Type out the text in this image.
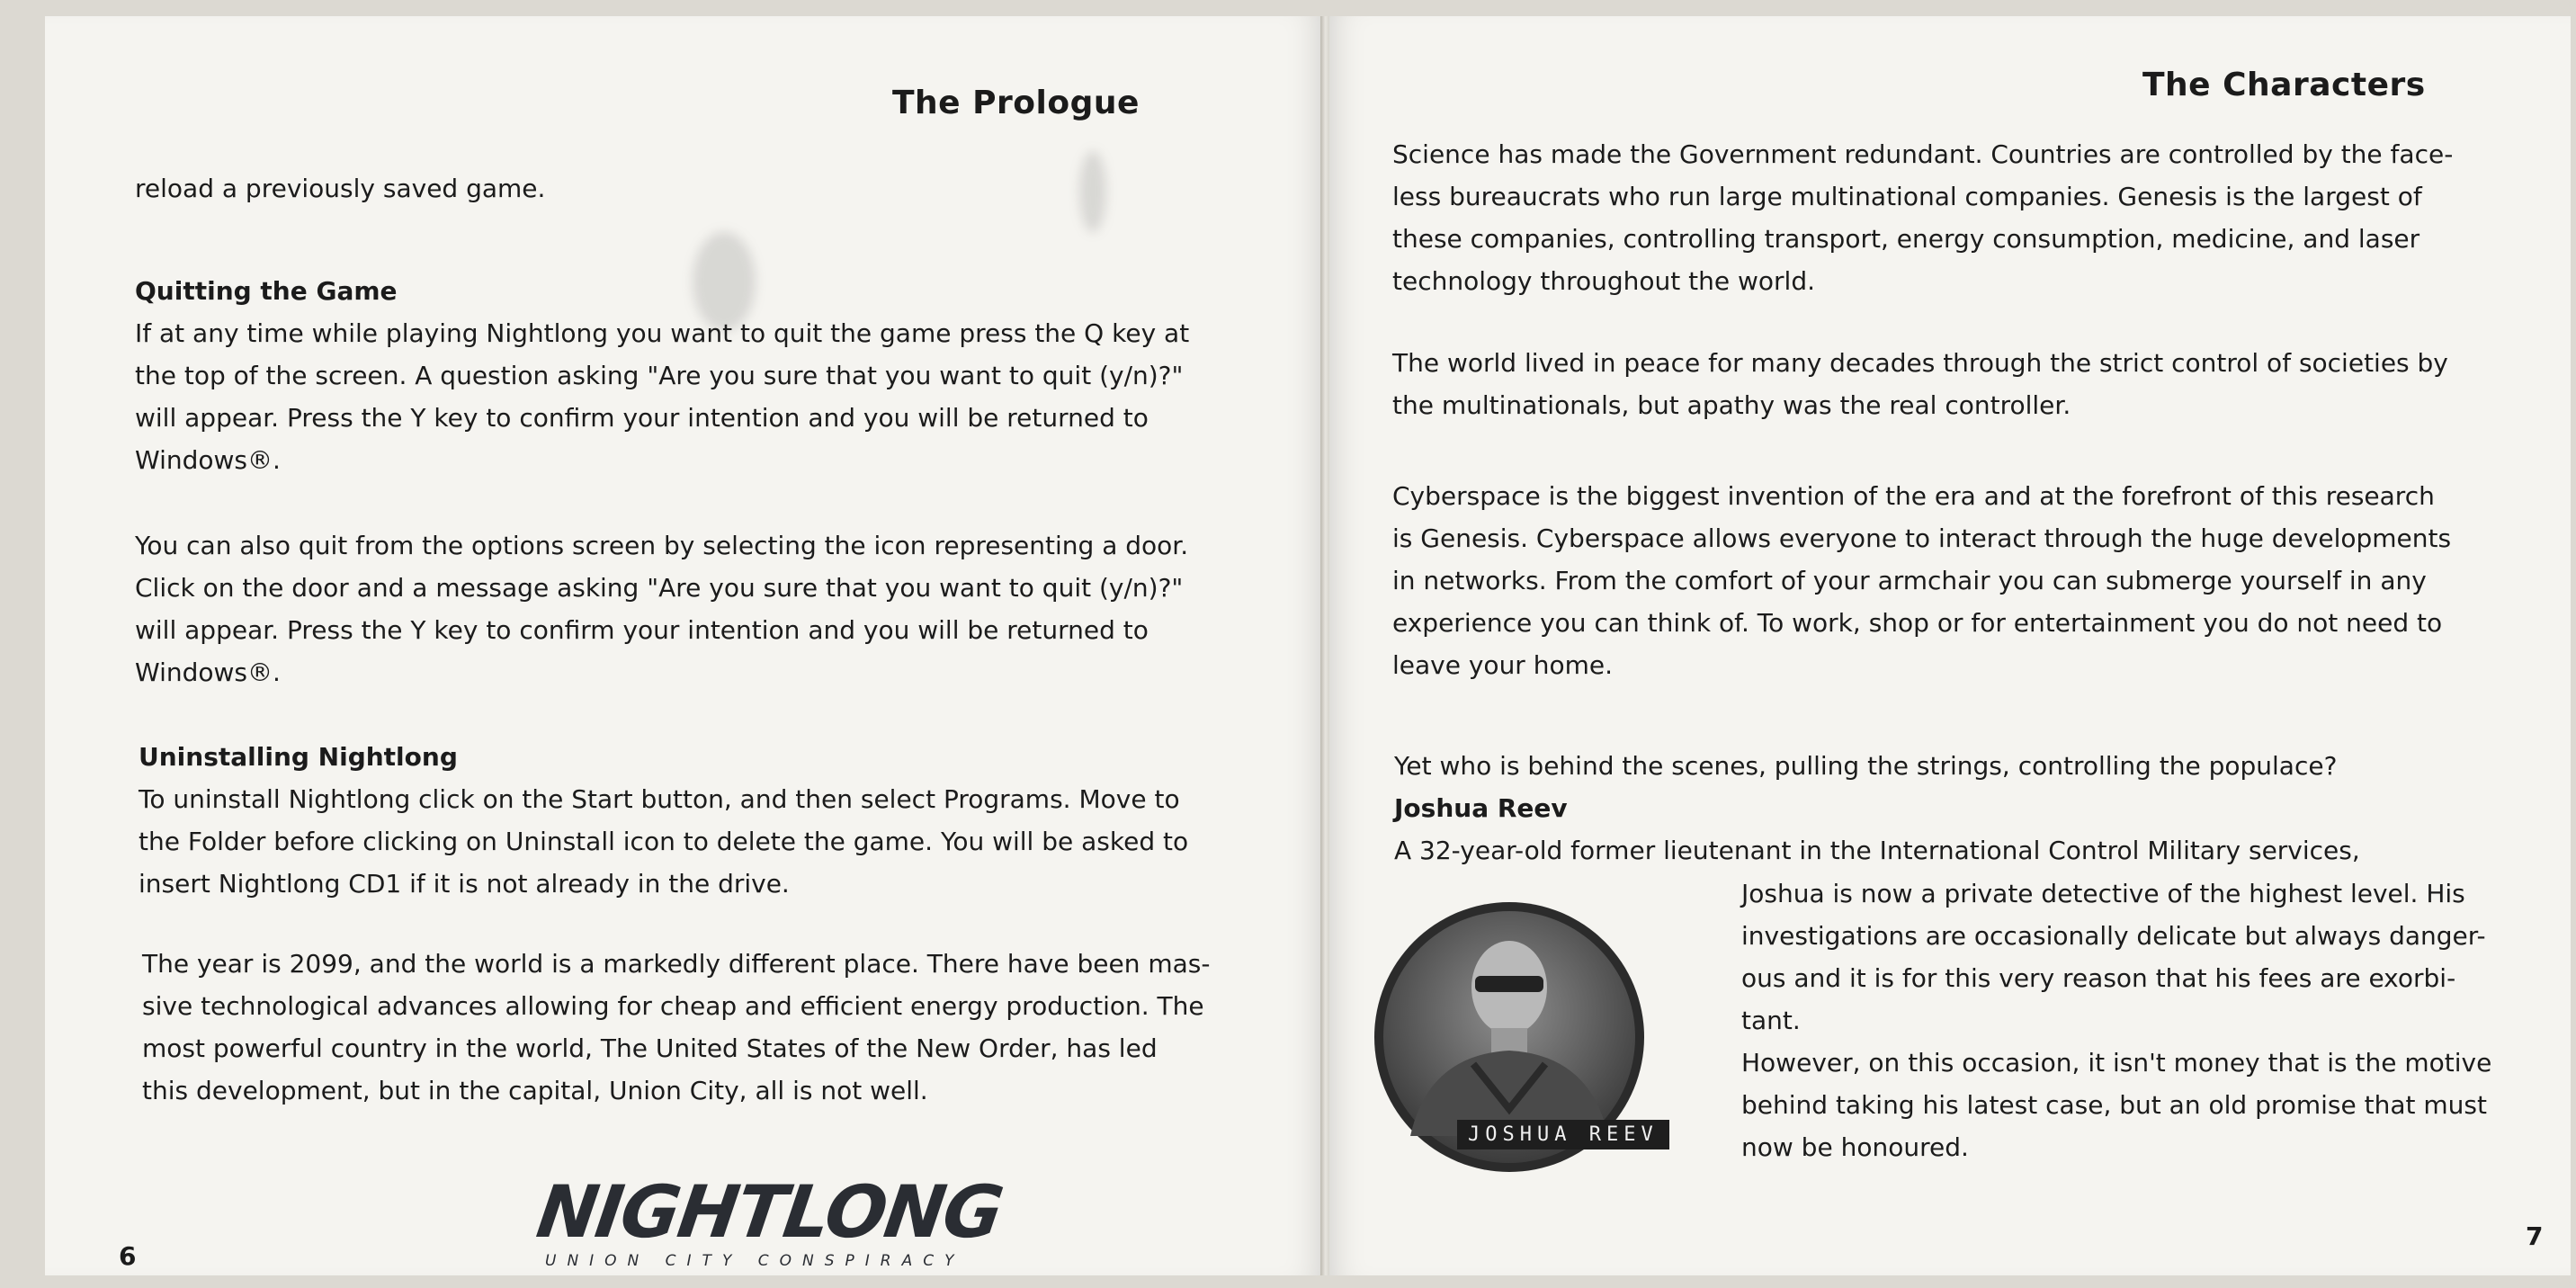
The Prologue

reload a previously saved game.

Quitting the Game

If at any time while playing Nightlong you want to quit the game press the Q key at

the top of the screen. A question asking "Are you sure that you want to quit (y/n)?"

will appear. Press the Y key to confirm your intention and you will be returned to

Windows®.

You can also quit from the options screen by selecting the icon representing a door.

Click on the door and a message asking "Are you sure that you want to quit (y/n)?"

will appear. Press the Y key to confirm your intention and you will be returned to

Windows®.

Uninstalling Nightlong

To uninstall Nightlong click on the Start button, and then select Programs. Move to

the Folder before clicking on Uninstall icon to delete the game. You will be asked to

insert Nightlong CD1 if it is not already in the drive.

The year is 2099, and the world is a markedly different place. There have been mas-

sive technological advances allowing for cheap and efficient energy production. The

most powerful country in the world, The United States of the New Order, has led

this development, but in the capital, Union City, all is not well.

NIGHTLONG
UNION CITY CONSPIRACY
6
The Characters

Science has made the Government redundant. Countries are controlled by the face-

less bureaucrats who run large multinational companies. Genesis is the largest of

these companies, controlling transport, energy consumption, medicine, and laser

technology throughout the world.

The world lived in peace for many decades through the strict control of societies by

the multinationals, but apathy was the real controller.

Cyberspace is the biggest invention of the era and at the forefront of this research

is Genesis. Cyberspace allows everyone to interact through the huge developments

in networks. From the comfort of your armchair you can submerge yourself in any

experience you can think of. To work, shop or for entertainment you do not need to

leave your home.

Yet who is behind the scenes, pulling the strings, controlling the populace?

Joshua Reev

A 32-year-old former lieutenant in the International Control Military services,

Joshua is now a private detective of the highest level. His

investigations are occasionally delicate but always danger-

ous and it is for this very reason that his fees are exorbi-

tant.

However, on this occasion, it isn't money that is the motive

behind taking his latest case, but an old promise that must

now be honoured.

JOSHUA REEV
7
